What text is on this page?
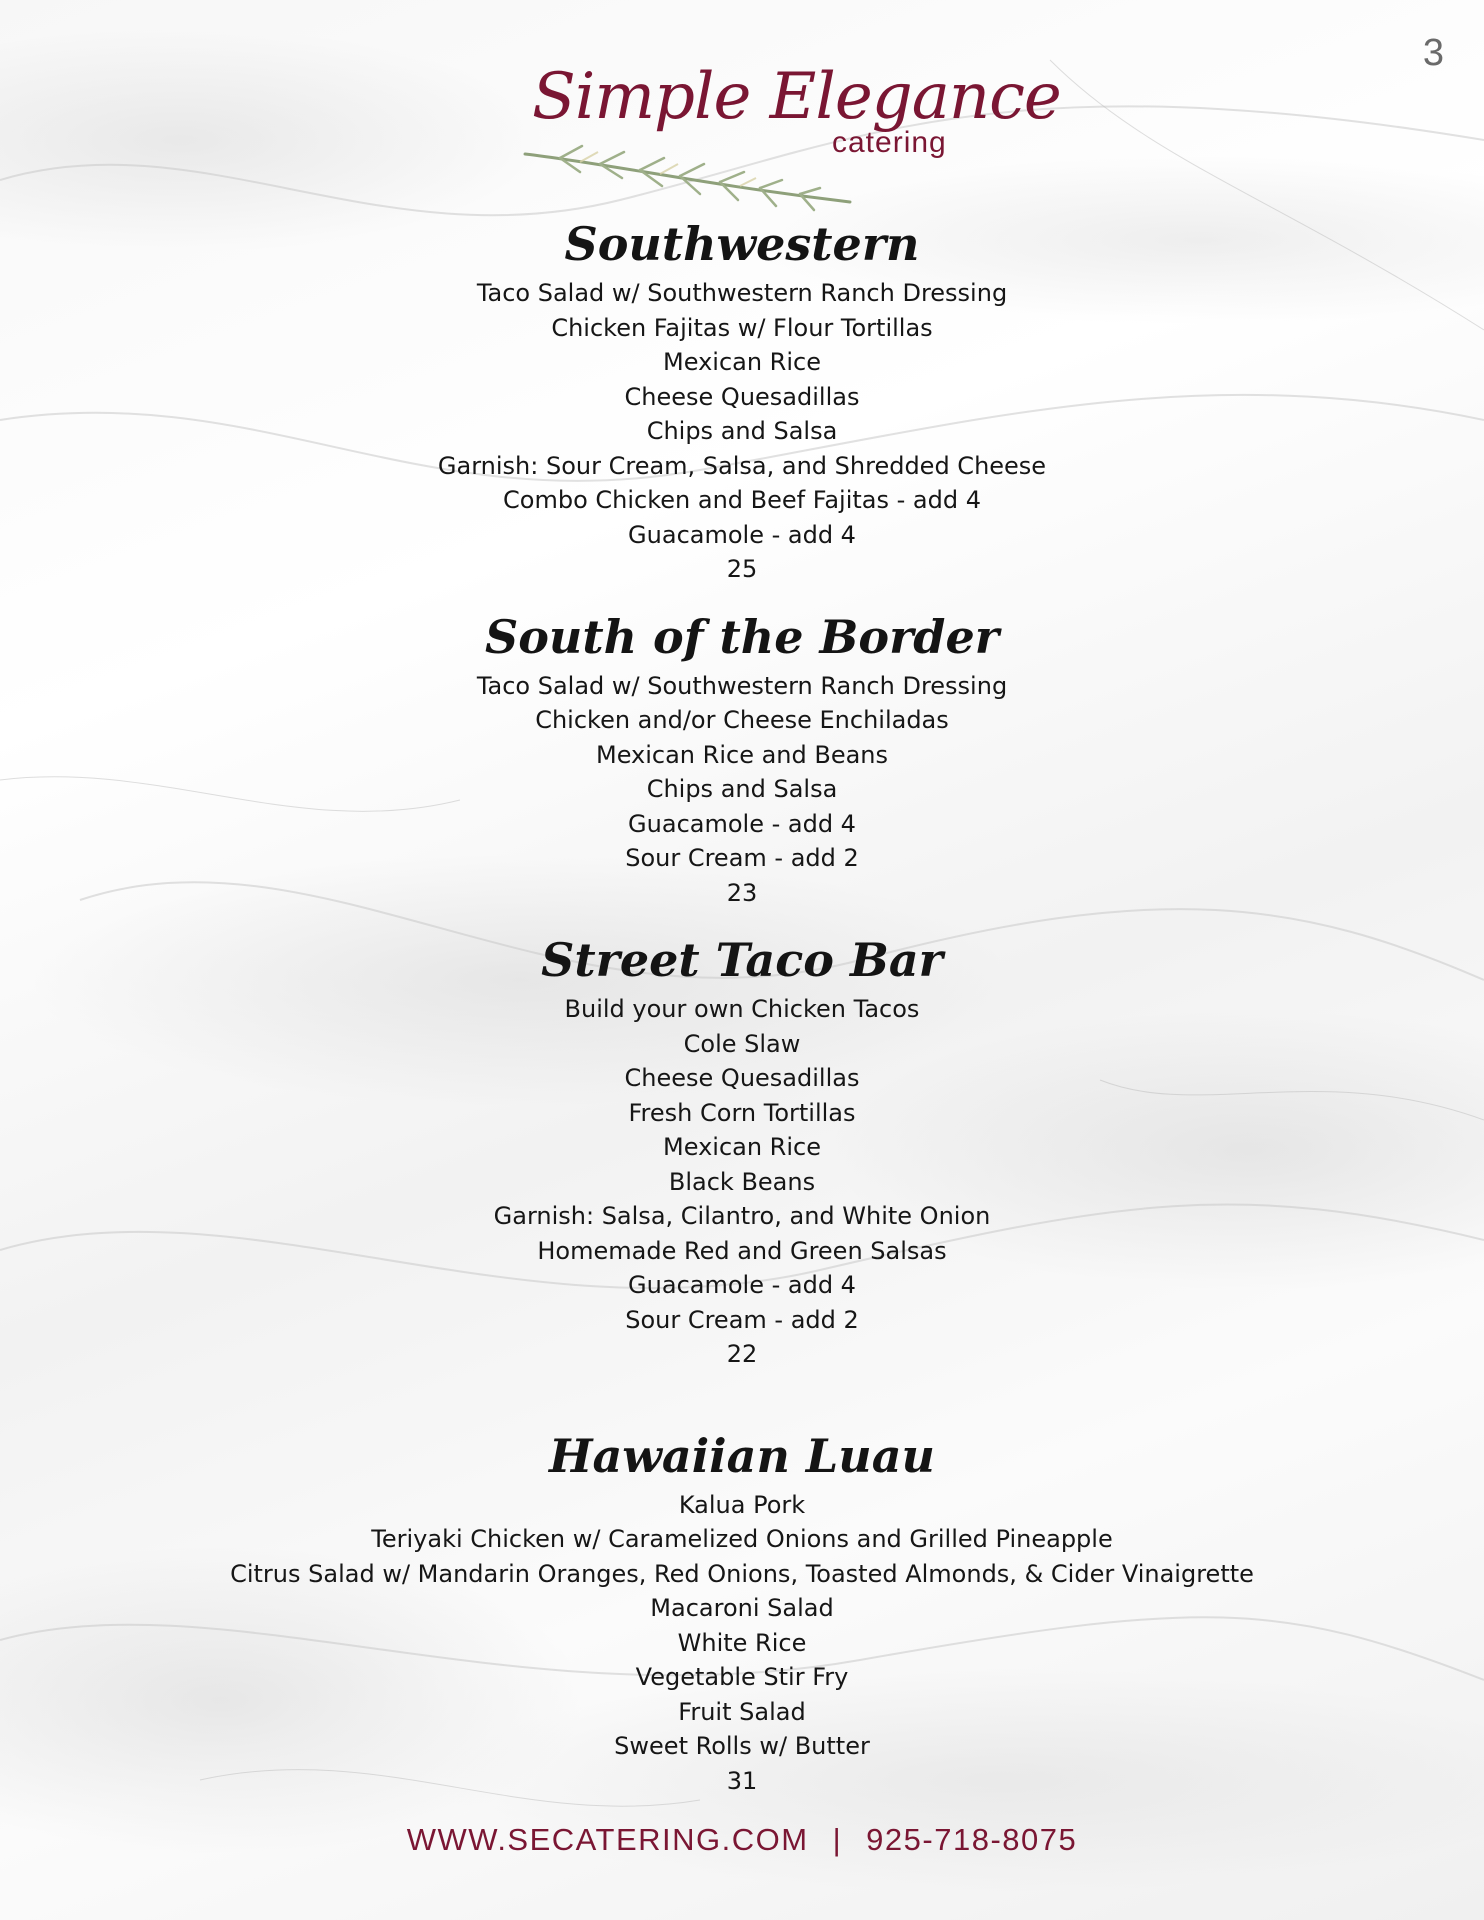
3
Simple Elegance
catering
Southwestern
Taco Salad w/ Southwestern Ranch Dressing
Chicken Fajitas w/ Flour Tortillas
Mexican Rice
Cheese Quesadillas
Chips and Salsa
Garnish: Sour Cream, Salsa, and Shredded Cheese
Combo Chicken and Beef Fajitas - add 4
Guacamole - add 4
25
South of the Border
Taco Salad w/ Southwestern Ranch Dressing
Chicken and/or Cheese Enchiladas
Mexican Rice and Beans
Chips and Salsa
Guacamole - add 4
Sour Cream - add 2
23
Street Taco Bar
Build your own Chicken Tacos
Cole Slaw
Cheese Quesadillas
Fresh Corn Tortillas
Mexican Rice
Black Beans
Garnish: Salsa, Cilantro, and White Onion
Homemade Red and Green Salsas
Guacamole - add 4
Sour Cream - add 2
22
Hawaiian Luau
Kalua Pork
Teriyaki Chicken w/ Caramelized Onions and Grilled Pineapple
Citrus Salad w/ Mandarin Oranges, Red Onions, Toasted Almonds, & Cider Vinaigrette
Macaroni Salad
White Rice
Vegetable Stir Fry
Fruit Salad
Sweet Rolls w/ Butter
31
WWW.SECATERING.COM | 925-718-8075
